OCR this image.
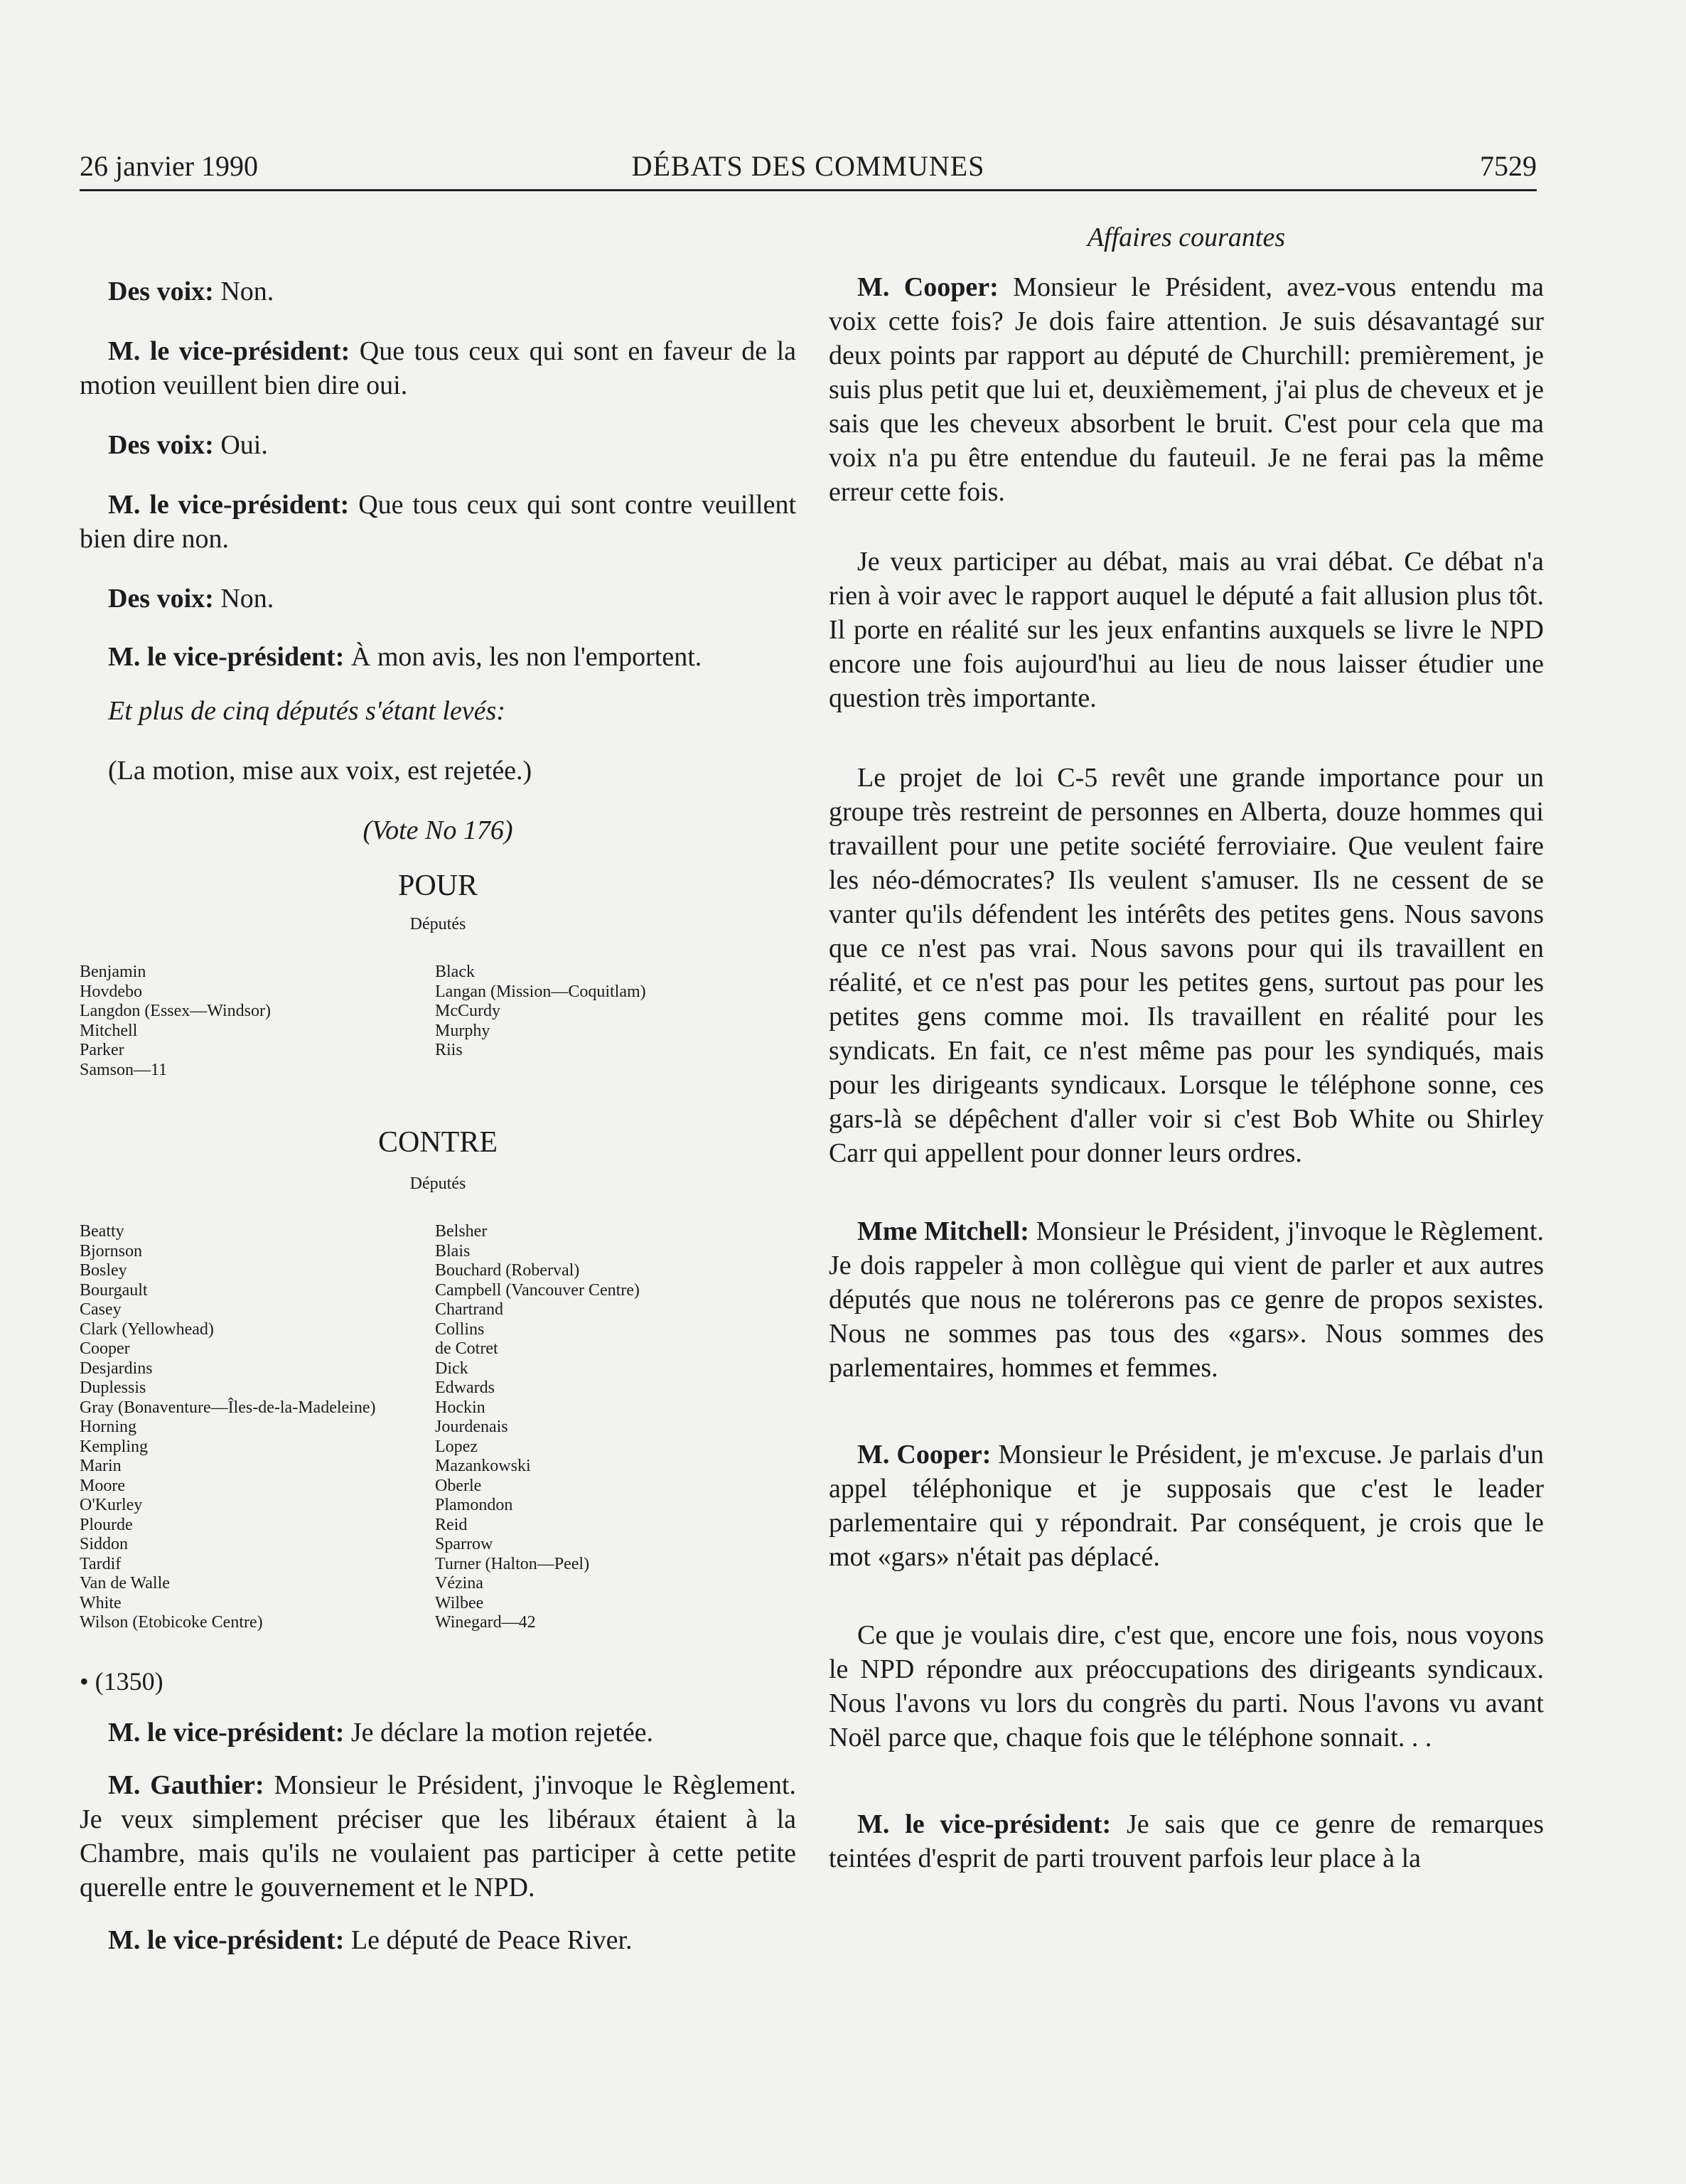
26 janvier 1990	DÉBATS DES COMMUNES	7529

Des voix: Non.

M. le vice-président: Que tous ceux qui sont en faveur de la motion veuillent bien dire oui.

Des voix: Oui.

M. le vice-président: Que tous ceux qui sont contre veuillent bien dire non.

Des voix: Non.

M. le vice-président: À mon avis, les non l'emportent.

Et plus de cinq députés s'étant levés:

(La motion, mise aux voix, est rejetée.)

(Vote No 176)

POUR
Députés
Benjamin
Hovdebo
Langdon (Essex—Windsor)
Mitchell
Parker
Samson—11
Black
Langan (Mission—Coquitlam)
McCurdy
Murphy
Riis
CONTRE
Députés
Beatty
Bjornson
Bosley
Bourgault
Casey
Clark (Yellowhead)
Cooper
Desjardins
Duplessis
Gray (Bonaventure—Îles-de-la-Madeleine)
Horning
Kempling
Marin
Moore
O'Kurley
Plourde
Siddon
Tardif
Van de Walle
White
Wilson (Etobicoke Centre)
Belsher
Blais
Bouchard (Roberval)
Campbell (Vancouver Centre)
Chartrand
Collins
de Cotret
Dick
Edwards
Hockin
Jourdenais
Lopez
Mazankowski
Oberle
Plamondon
Reid
Sparrow
Turner (Halton—Peel)
Vézina
Wilbee
Winegard—42

• (1350)

M. le vice-président: Je déclare la motion rejetée.

M. Gauthier: Monsieur le Président, j'invoque le Règlement. Je veux simplement préciser que les libéraux étaient à la Chambre, mais qu'ils ne voulaient pas participer à cette petite querelle entre le gouvernement et le NPD.

M. le vice-président: Le député de Peace River.

Affaires courantes

M. Cooper: Monsieur le Président, avez-vous entendu ma voix cette fois? Je dois faire attention. Je suis désavantagé sur deux points par rapport au député de Churchill: premièrement, je suis plus petit que lui et, deuxièmement, j'ai plus de cheveux et je sais que les cheveux absorbent le bruit. C'est pour cela que ma voix n'a pu être entendue du fauteuil. Je ne ferai pas la même erreur cette fois.

Je veux participer au débat, mais au vrai débat. Ce débat n'a rien à voir avec le rapport auquel le député a fait allusion plus tôt. Il porte en réalité sur les jeux enfantins auxquels se livre le NPD encore une fois aujourd'hui au lieu de nous laisser étudier une question très importante.

Le projet de loi C-5 revêt une grande importance pour un groupe très restreint de personnes en Alberta, douze hommes qui travaillent pour une petite société ferroviaire. Que veulent faire les néo-démocrates? Ils veulent s'amuser. Ils ne cessent de se vanter qu'ils défendent les intérêts des petites gens. Nous savons que ce n'est pas vrai. Nous savons pour qui ils travaillent en réalité, et ce n'est pas pour les petites gens, surtout pas pour les petites gens comme moi. Ils travaillent en réalité pour les syndicats. En fait, ce n'est même pas pour les syndiqués, mais pour les dirigeants syndicaux. Lorsque le téléphone sonne, ces gars-là se dépêchent d'aller voir si c'est Bob White ou Shirley Carr qui appellent pour donner leurs ordres.

Mme Mitchell: Monsieur le Président, j'invoque le Règlement. Je dois rappeler à mon collègue qui vient de parler et aux autres députés que nous ne tolérerons pas ce genre de propos sexistes. Nous ne sommes pas tous des «gars». Nous sommes des parlementaires, hommes et femmes.

M. Cooper: Monsieur le Président, je m'excuse. Je parlais d'un appel téléphonique et je supposais que c'est le leader parlementaire qui y répondrait. Par conséquent, je crois que le mot «gars» n'était pas déplacé.

Ce que je voulais dire, c'est que, encore une fois, nous voyons le NPD répondre aux préoccupations des dirigeants syndicaux. Nous l'avons vu lors du congrès du parti. Nous l'avons vu avant Noël parce que, chaque fois que le téléphone sonnait. . .

M. le vice-président: Je sais que ce genre de remarques teintées d'esprit de parti trouvent parfois leur place à la
